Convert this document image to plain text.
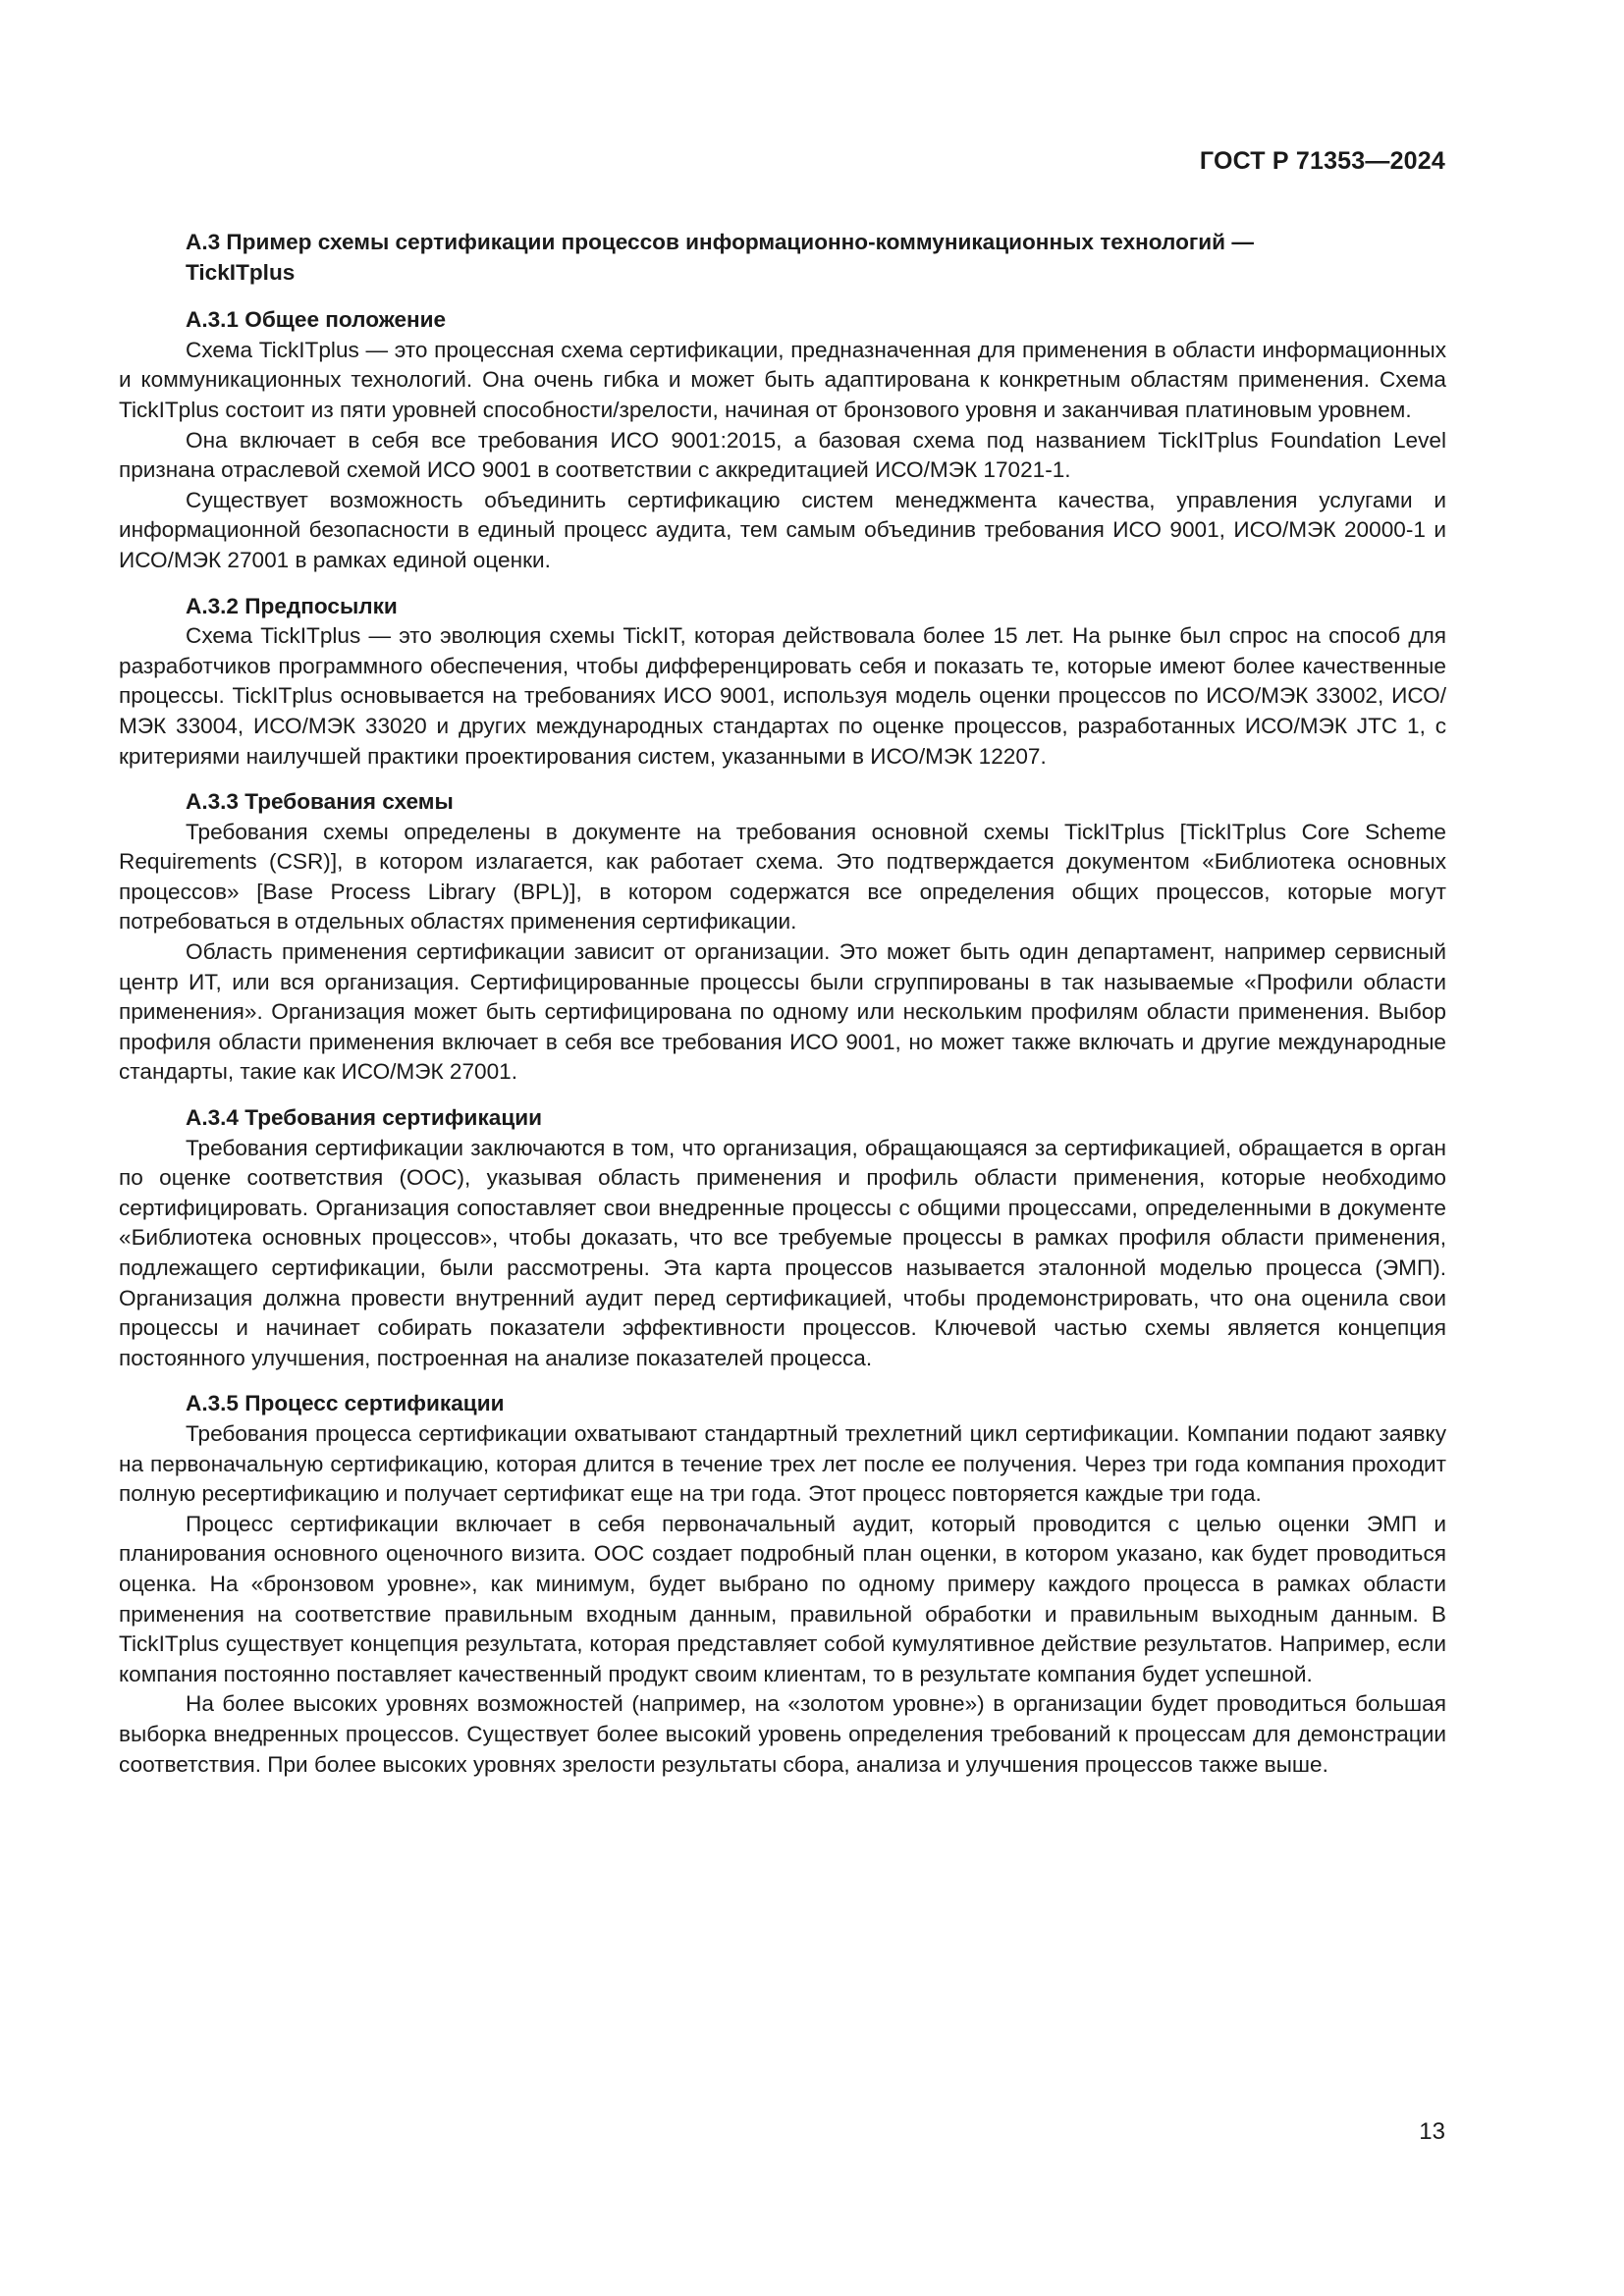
ГОСТ Р 71353—2024
А.3 Пример схемы сертификации процессов информационно-коммуникационных технологий — TickITplus
А.3.1 Общее положение

Схема TickITplus — это процессная схема сертификации, предназначенная для применения в области информационных и коммуникационных технологий. Она очень гибка и может быть адаптирована к конкретным областям применения. Схема TickITplus состоит из пяти уровней способности/зрелости, начиная от бронзового уровня и заканчивая платиновым уровнем.

Она включает в себя все требования ИСО 9001:2015, а базовая схема под названием TickITplus Foundation Level признана отраслевой схемой ИСО 9001 в соответствии с аккредитацией ИСО/МЭК 17021-1.

Существует возможность объединить сертификацию систем менеджмента качества, управления услугами и информационной безопасности в единый процесс аудита, тем самым объединив требования ИСО 9001, ИСО/МЭК 20000-1 и ИСО/МЭК 27001 в рамках единой оценки.

А.3.2 Предпосылки

Схема TickITplus — это эволюция схемы TickIT, которая действовала более 15 лет. На рынке был спрос на способ для разработчиков программного обеспечения, чтобы дифференцировать себя и показать те, которые имеют более качественные процессы. TickITplus основывается на требованиях ИСО 9001, используя модель оценки процессов по ИСО/МЭК 33002, ИСО/МЭК 33004, ИСО/МЭК 33020 и других международных стандартах по оценке процессов, разработанных ИСО/МЭК JTC 1, с критериями наилучшей практики проектирования систем, указанными в ИСО/МЭК 12207.

А.3.3 Требования схемы

Требования схемы определены в документе на требования основной схемы TickITplus [TickITplus Core Scheme Requirements (CSR)], в котором излагается, как работает схема. Это подтверждается документом «Библиотека основных процессов» [Base Process Library (BPL)], в котором содержатся все определения общих процессов, которые могут потребоваться в отдельных областях применения сертификации.

Область применения сертификации зависит от организации. Это может быть один департамент, например сервисный центр ИТ, или вся организация. Сертифицированные процессы были сгруппированы в так называемые «Профили области применения». Организация может быть сертифицирована по одному или нескольким профилям области применения. Выбор профиля области применения включает в себя все требования ИСО 9001, но может также включать и другие международные стандарты, такие как ИСО/МЭК 27001.

А.3.4 Требования сертификации

Требования сертификации заключаются в том, что организация, обращающаяся за сертификацией, обращается в орган по оценке соответствия (ООС), указывая область применения и профиль области применения, которые необходимо сертифицировать. Организация сопоставляет свои внедренные процессы с общими процессами, определенными в документе «Библиотека основных процессов», чтобы доказать, что все требуемые процессы в рамках профиля области применения, подлежащего сертификации, были рассмотрены. Эта карта процессов называется эталонной моделью процесса (ЭМП). Организация должна провести внутренний аудит перед сертификацией, чтобы продемонстрировать, что она оценила свои процессы и начинает собирать показатели эффективности процессов. Ключевой частью схемы является концепция постоянного улучшения, построенная на анализе показателей процесса.

А.3.5 Процесс сертификации

Требования процесса сертификации охватывают стандартный трехлетний цикл сертификации. Компании подают заявку на первоначальную сертификацию, которая длится в течение трех лет после ее получения. Через три года компания проходит полную ресертификацию и получает сертификат еще на три года. Этот процесс повторяется каждые три года.

Процесс сертификации включает в себя первоначальный аудит, который проводится с целью оценки ЭМП и планирования основного оценочного визита. ООС создает подробный план оценки, в котором указано, как будет проводиться оценка. На «бронзовом уровне», как минимум, будет выбрано по одному примеру каждого процесса в рамках области применения на соответствие правильным входным данным, правильной обработки и правильным выходным данным. В TickITplus существует концепция результата, которая представляет собой кумулятивное действие результатов. Например, если компания постоянно поставляет качественный продукт своим клиентам, то в результате компания будет успешной.

На более высоких уровнях возможностей (например, на «золотом уровне») в организации будет проводиться большая выборка внедренных процессов. Существует более высокий уровень определения требований к процессам для демонстрации соответствия. При более высоких уровнях зрелости результаты сбора, анализа и улучшения процессов также выше.

13
